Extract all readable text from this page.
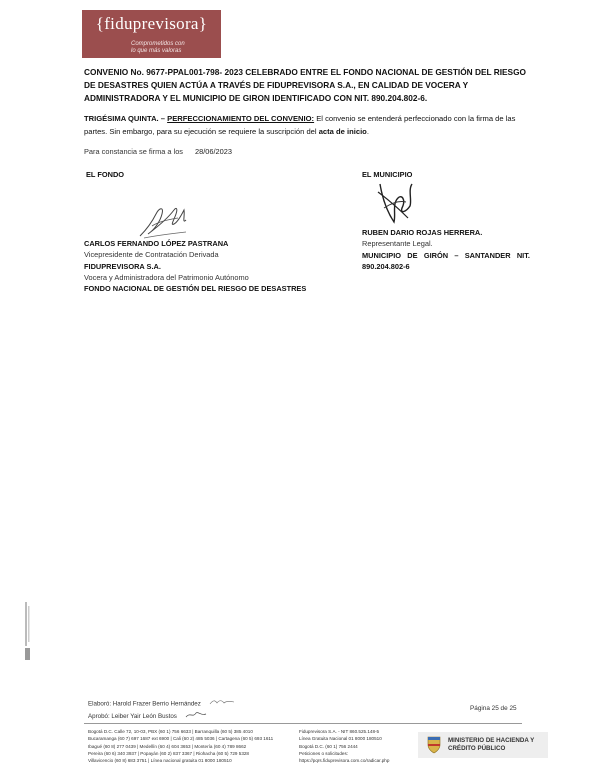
{fiduprevisora}
Comprometidos con
lo que más valoras
CONVENIO No. 9677-PPAL001-798- 2023 CELEBRADO ENTRE EL FONDO NACIONAL DE GESTIÓN DEL RIESGO DE DESASTRES QUIEN ACTÚA A TRAVÉS DE FIDUPREVISORA S.A., EN CALIDAD DE VOCERA Y ADMINISTRADORA Y EL MUNICIPIO DE GIRON IDENTIFICADO CON NIT. 890.204.802-6.
TRIGÉSIMA QUINTA. – PERFECCIONAMIENTO DEL CONVENIO: El convenio se entenderá perfeccionado con la firma de las partes. Sin embargo, para su ejecución se requiere la suscripción del acta de inicio.
Para constancia se firma a los 28/06/2023
EL FONDO	EL MUNICIPIO
CARLOS FERNANDO LÓPEZ PASTRANA
Vicepresidente de Contratación Derivada
FIDUPREVISORA S.A.
Vocera y Administradora del Patrimonio Autónomo
FONDO NACIONAL DE GESTIÓN DEL RIESGO DE DESASTRES
RUBEN DARIO ROJAS HERRERA.
Representante Legal.
MUNICIPIO DE GIRÓN – SANTANDER NIT. 890.204.802-6
Elaboró: Harold Frazer Berrio Hernández
Aprobó: Leiber Yair León Bustos
Página 25 de 25
Bogotá D.C. Calle 72, 10-03, PBX (60 1) 756 6633 | Barranquilla (60 5) 385 4010
Bucaramanga (60 7) 697 1687 ext 6900 | Cali (60 2) 485 5036 | Cartagena (60 5) 693 1611
Ibagué (60 8) 277 0439 | Medellín (60 4) 604 3653 | Montería (60 4) 789 8662
Pereira (60 6) 340 3937 | Popayán (60 2) 837 3367 | Riohacha (60 5) 729 5328
Villavicencio (60 8) 683 3751 | Línea nacional gratuita 01 8000 180510
Fiduprevisora S.A. - NIT 860.525.148-5
Línea Gratuita Nacional 01 8000 180510
Bogotá D.C. (60 1) 756 2444
Peticiones o solicitudes:
https://pqrs.fiduprevisora.com.co/radicar.php
MINISTERIO DE HACIENDA Y
CRÉDITO PÚBLICO
